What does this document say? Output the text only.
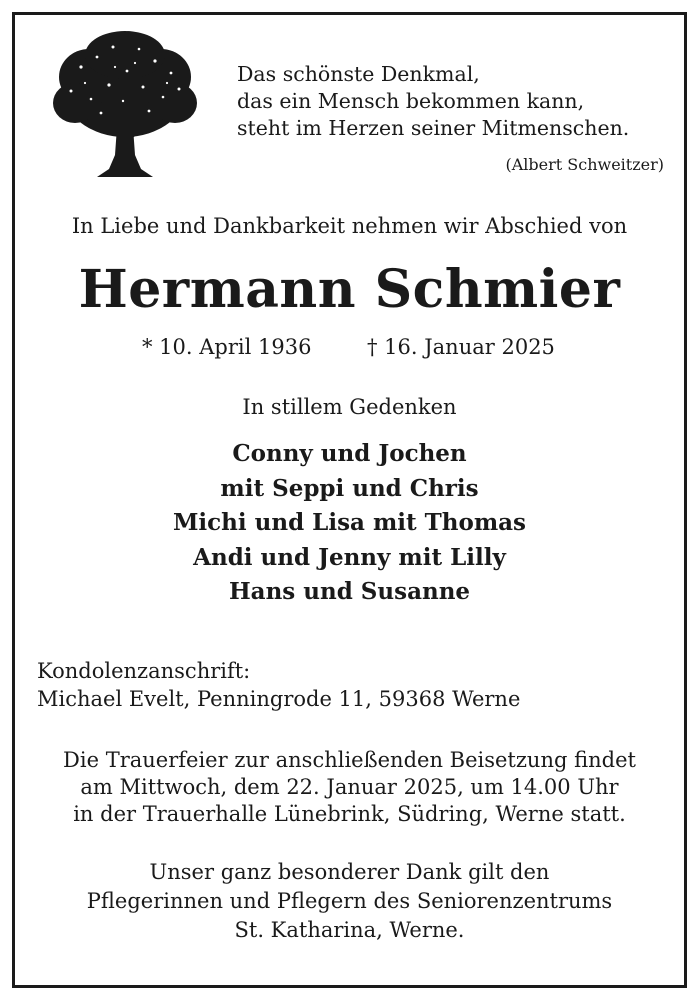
Das schönste Denkmal,
das ein Mensch bekommen kann,
steht im Herzen seiner Mitmenschen.
(Albert Schweitzer)
In Liebe und Dankbarkeit nehmen wir Abschied von
Hermann Schmier
* 10. April 1936	† 16. Januar 2025
In stillem Gedenken
Conny und Jochen
mit Seppi und Chris
Michi und Lisa mit Thomas
Andi und Jenny mit Lilly
Hans und Susanne
Kondolenzanschrift:
Michael Evelt, Penningrode 11, 59368 Werne
Die Trauerfeier zur anschließenden Beisetzung findet
am Mittwoch, dem 22. Januar 2025, um 14.00 Uhr
in der Trauerhalle Lünebrink, Südring, Werne statt.
Unser ganz besonderer Dank gilt den
Pflegerinnen und Pflegern des Seniorenzentrums
St. Katharina, Werne.
